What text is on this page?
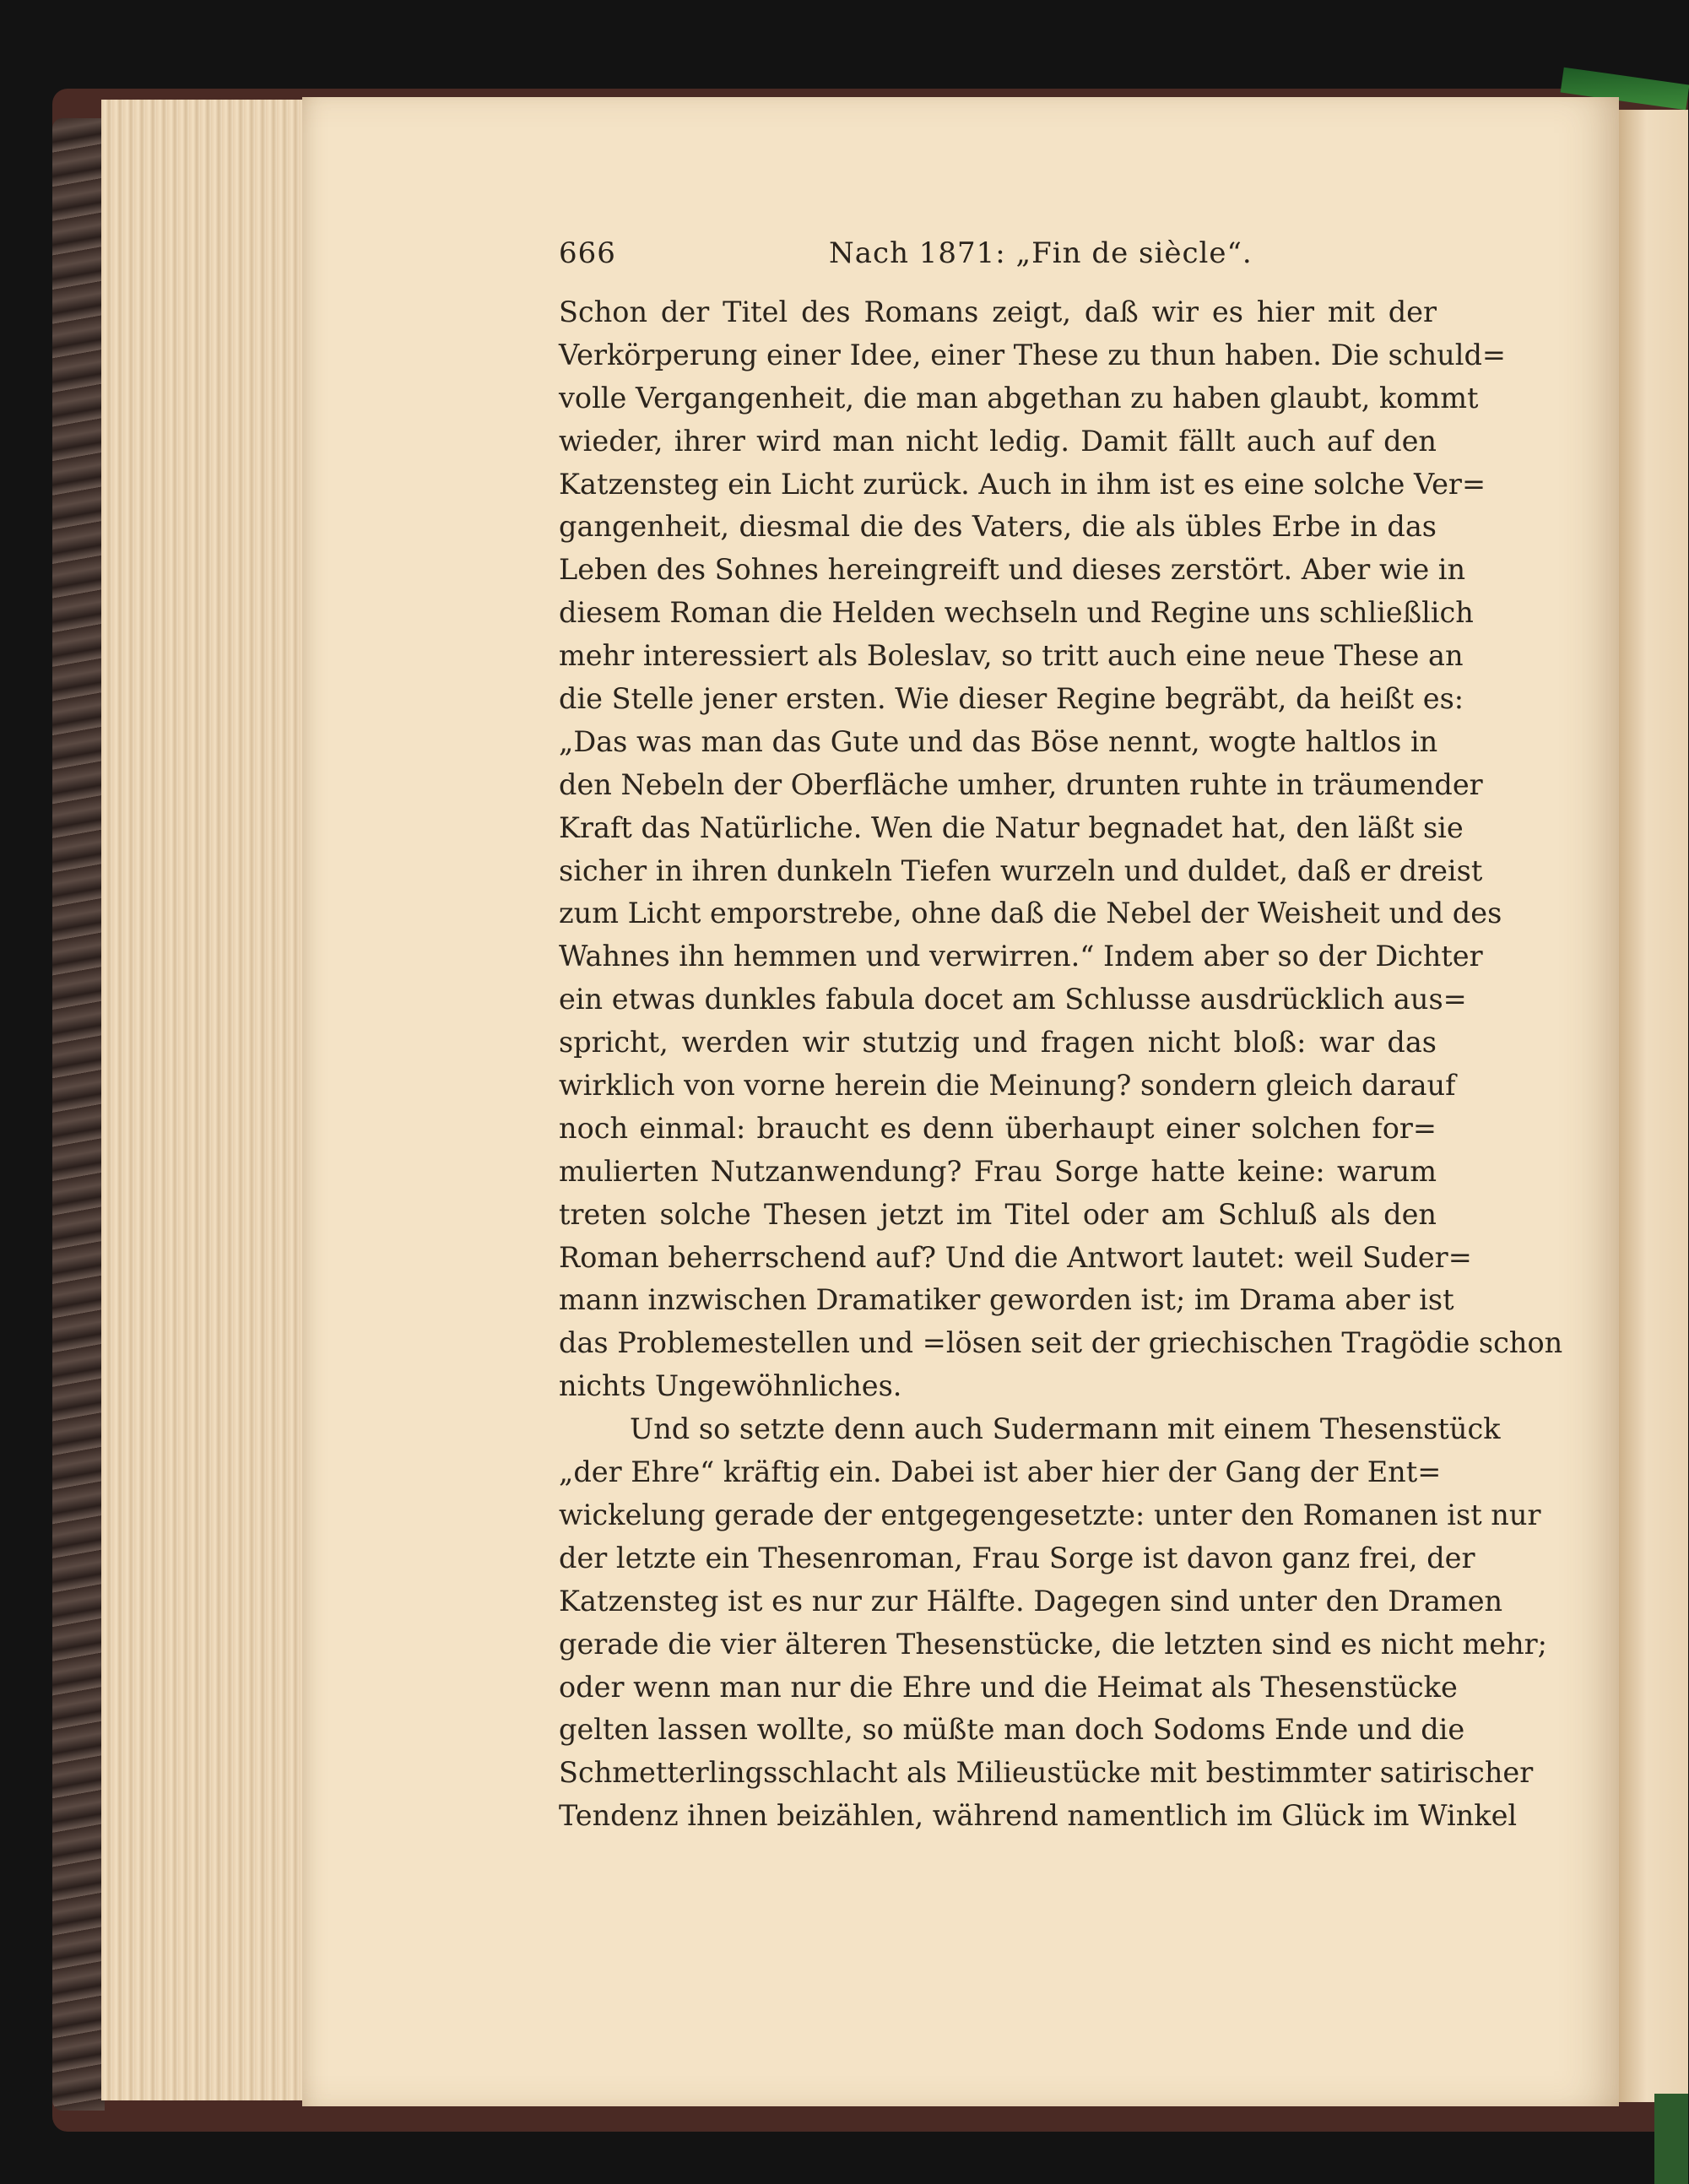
666	Nach 1871: „Fin de siècle“.
Schon der Titel des Romans zeigt, daß wir es hier mit der
Verkörperung einer Idee, einer These zu thun haben. Die schuld=
volle Vergangenheit, die man abgethan zu haben glaubt, kommt
wieder, ihrer wird man nicht ledig. Damit fällt auch auf den
Katzensteg ein Licht zurück. Auch in ihm ist es eine solche Ver=
gangenheit, diesmal die des Vaters, die als übles Erbe in das
Leben des Sohnes hereingreift und dieses zerstört. Aber wie in
diesem Roman die Helden wechseln und Regine uns schließlich
mehr interessiert als Boleslav, so tritt auch eine neue These an
die Stelle jener ersten. Wie dieser Regine begräbt, da heißt es:
„Das was man das Gute und das Böse nennt, wogte haltlos in
den Nebeln der Oberfläche umher, drunten ruhte in träumender
Kraft das Natürliche. Wen die Natur begnadet hat, den läßt sie
sicher in ihren dunkeln Tiefen wurzeln und duldet, daß er dreist
zum Licht emporstrebe, ohne daß die Nebel der Weisheit und des
Wahnes ihn hemmen und verwirren.“ Indem aber so der Dichter
ein etwas dunkles fabula docet am Schlusse ausdrücklich aus=
spricht, werden wir stutzig und fragen nicht bloß: war das
wirklich von vorne herein die Meinung? sondern gleich darauf
noch einmal: braucht es denn überhaupt einer solchen for=
mulierten Nutzanwendung? Frau Sorge hatte keine: warum
treten solche Thesen jetzt im Titel oder am Schluß als den
Roman beherrschend auf? Und die Antwort lautet: weil Suder=
mann inzwischen Dramatiker geworden ist; im Drama aber ist
das Problemestellen und =lösen seit der griechischen Tragödie schon
nichts Ungewöhnliches.
Und so setzte denn auch Sudermann mit einem Thesenstück
„der Ehre“ kräftig ein. Dabei ist aber hier der Gang der Ent=
wickelung gerade der entgegengesetzte: unter den Romanen ist nur
der letzte ein Thesenroman, Frau Sorge ist davon ganz frei, der
Katzensteg ist es nur zur Hälfte. Dagegen sind unter den Dramen
gerade die vier älteren Thesenstücke, die letzten sind es nicht mehr;
oder wenn man nur die Ehre und die Heimat als Thesenstücke
gelten lassen wollte, so müßte man doch Sodoms Ende und die
Schmetterlingsschlacht als Milieustücke mit bestimmter satirischer
Tendenz ihnen beizählen, während namentlich im Glück im Winkel
